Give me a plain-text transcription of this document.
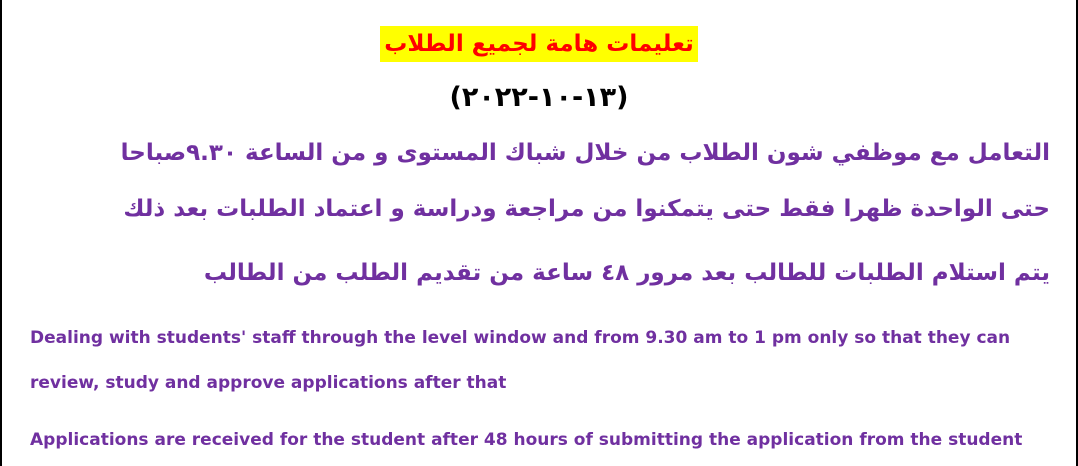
تعليمات هامة لجميع الطلاب
(١٣-١٠-٢٠٢٢)
التعامل مع موظفي شون الطلاب من خلال شباك المستوى و من الساعة ٩.٣٠صباحا
حتى الواحدة ظهرا فقط حتى يتمكنوا من مراجعة ودراسة و اعتماد الطلبات بعد ذلك
يتم استلام الطلبات للطالب بعد مرور ٤٨ ساعة من تقديم الطلب من الطالب
Dealing with students' staff through the level window and from 9.30 am to 1 pm only so that they can
review, study and approve applications after that
Applications are received for the student after 48 hours of submitting the application from the student
